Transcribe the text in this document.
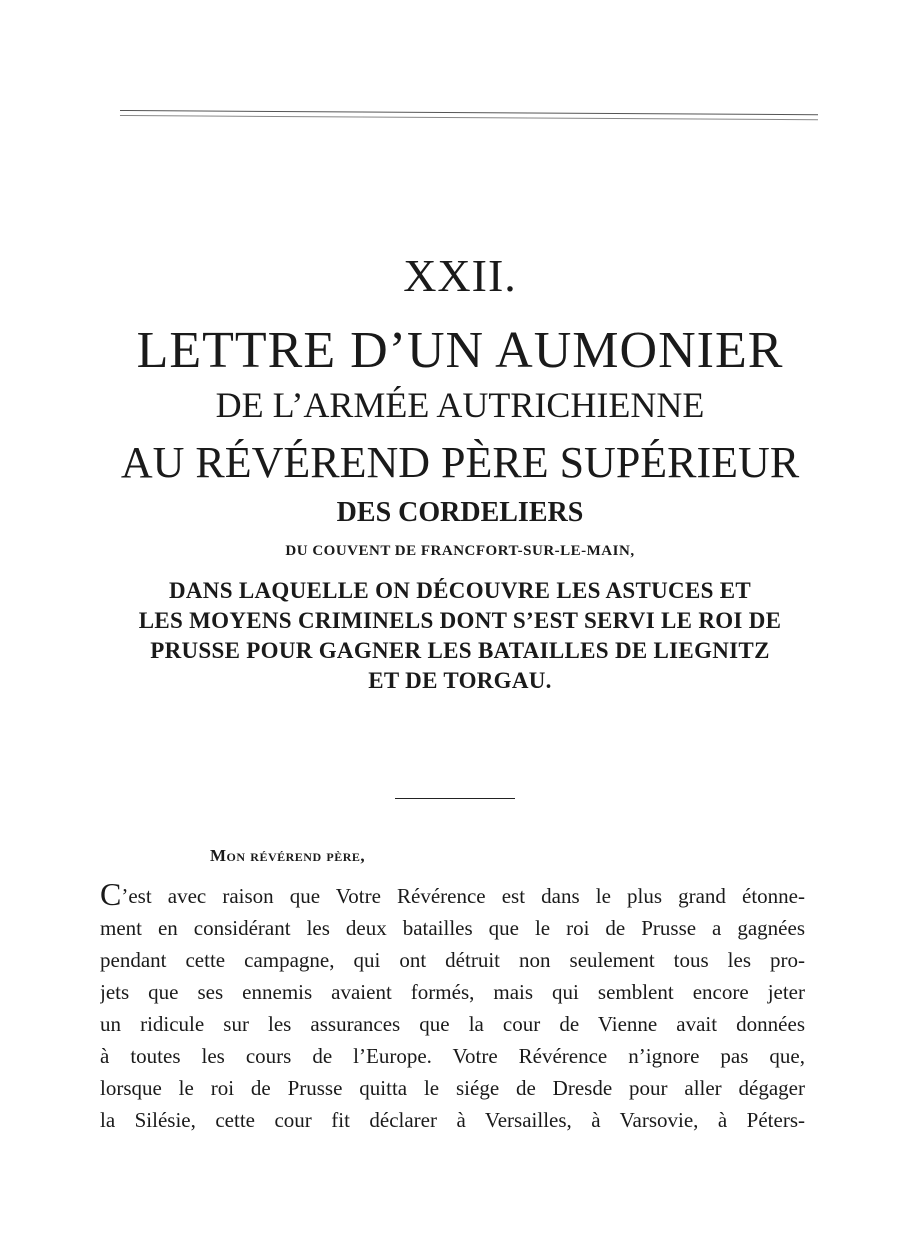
XXII.
LETTRE D’UN AUMONIER
DE L’ARMÉE AUTRICHIENNE
AU RÉVÉREND PÈRE SUPÉRIEUR
DES CORDELIERS
DU COUVENT DE FRANCFORT-SUR-LE-MAIN,
DANS LAQUELLE ON DÉCOUVRE LES ASTUCES ET
LES MOYENS CRIMINELS DONT S’EST SERVI LE ROI DE
PRUSSE POUR GAGNER LES BATAILLES DE LIEGNITZ
ET DE TORGAU.
Mon révérend père,
C’est avec raison que Votre Révérence est dans le plus grand étonne-
ment en considérant les deux batailles que le roi de Prusse a gagnées
pendant cette campagne, qui ont détruit non seulement tous les pro-
jets que ses ennemis avaient formés, mais qui semblent encore jeter
un ridicule sur les assurances que la cour de Vienne avait données
à toutes les cours de l’Europe. Votre Révérence n’ignore pas que,
lorsque le roi de Prusse quitta le siége de Dresde pour aller dégager
la Silésie, cette cour fit déclarer à Versailles, à Varsovie, à Péters-
